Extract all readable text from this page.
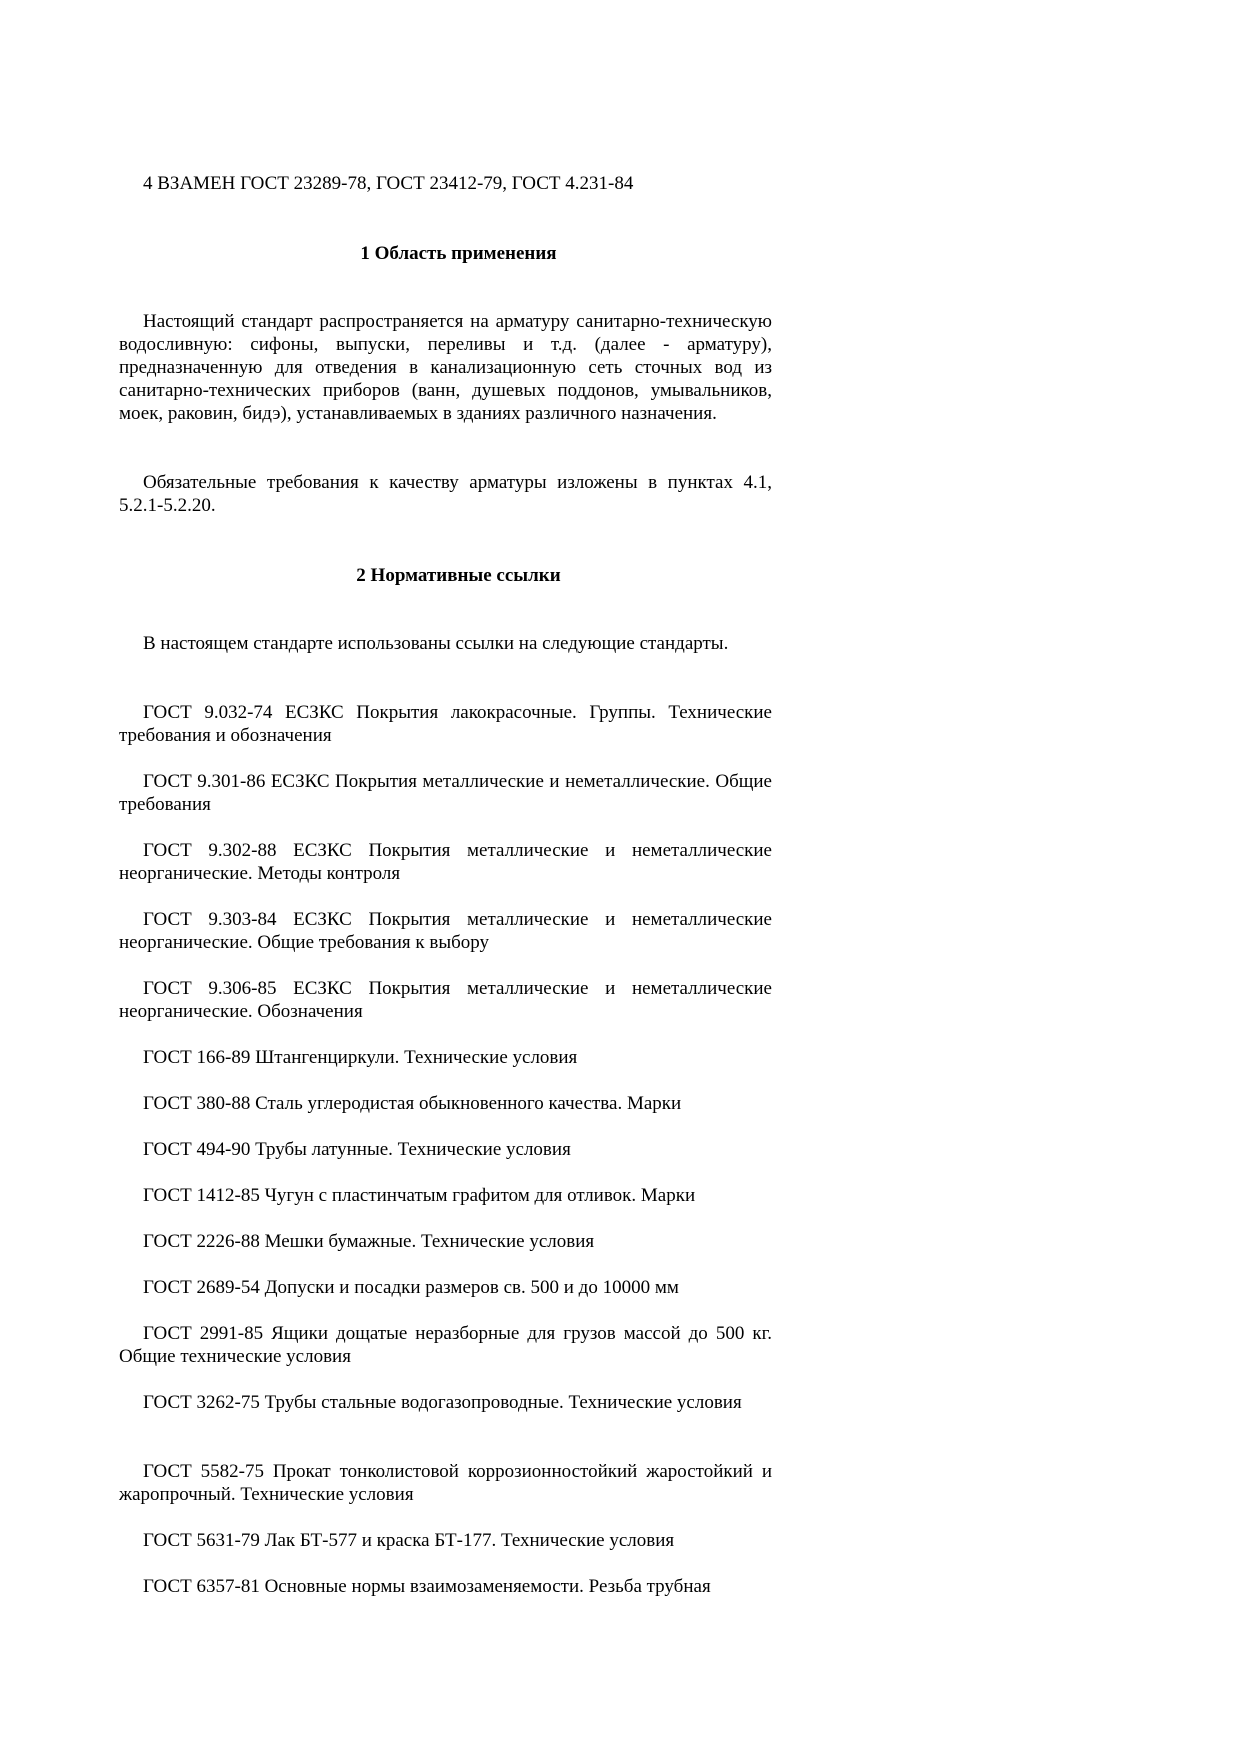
4 ВЗАМЕН ГОСТ 23289-78, ГОСТ 23412-79, ГОСТ 4.231-84

1 Область применения

Настоящий стандарт распространяется на арматуру санитарно-техническую водосливную: сифоны, выпуски, переливы и т.д. (далее - арматуру), предназначенную для отведения в канализационную сеть сточных вод из санитарно-технических приборов (ванн, душевых поддонов, умывальников, моек, раковин, бидэ), устанавливаемых в зданиях различного назначения.

Обязательные требования к качеству арматуры изложены в пунктах 4.1, 5.2.1-5.2.20.

2 Нормативные ссылки

В настоящем стандарте использованы ссылки на следующие стандарты.

ГОСТ 9.032-74 ЕСЗКС Покрытия лакокрасочные. Группы. Технические требования и обозначения

ГОСТ 9.301-86 ЕСЗКС Покрытия металлические и неметаллические. Общие требования

ГОСТ 9.302-88 ЕСЗКС Покрытия металлические и неметаллические неорганические. Методы контроля

ГОСТ 9.303-84 ЕСЗКС Покрытия металлические и неметаллические неорганические. Общие требования к выбору

ГОСТ 9.306-85 ЕСЗКС Покрытия металлические и неметаллические неорганические. Обозначения

ГОСТ 166-89 Штангенциркули. Технические условия

ГОСТ 380-88 Сталь углеродистая обыкновенного качества. Марки

ГОСТ 494-90 Трубы латунные. Технические условия

ГОСТ 1412-85 Чугун с пластинчатым графитом для отливок. Марки

ГОСТ 2226-88 Мешки бумажные. Технические условия

ГОСТ 2689-54 Допуски и посадки размеров св. 500 и до 10000 мм

ГОСТ 2991-85 Ящики дощатые неразборные для грузов массой до 500 кг. Общие технические условия

ГОСТ 3262-75 Трубы стальные водогазопроводные. Технические условия

ГОСТ 5582-75 Прокат тонколистовой коррозионностойкий жаростойкий и жаропрочный. Технические условия

ГОСТ 5631-79 Лак БТ-577 и краска БТ-177. Технические условия

ГОСТ 6357-81 Основные нормы взаимозаменяемости. Резьба трубная
